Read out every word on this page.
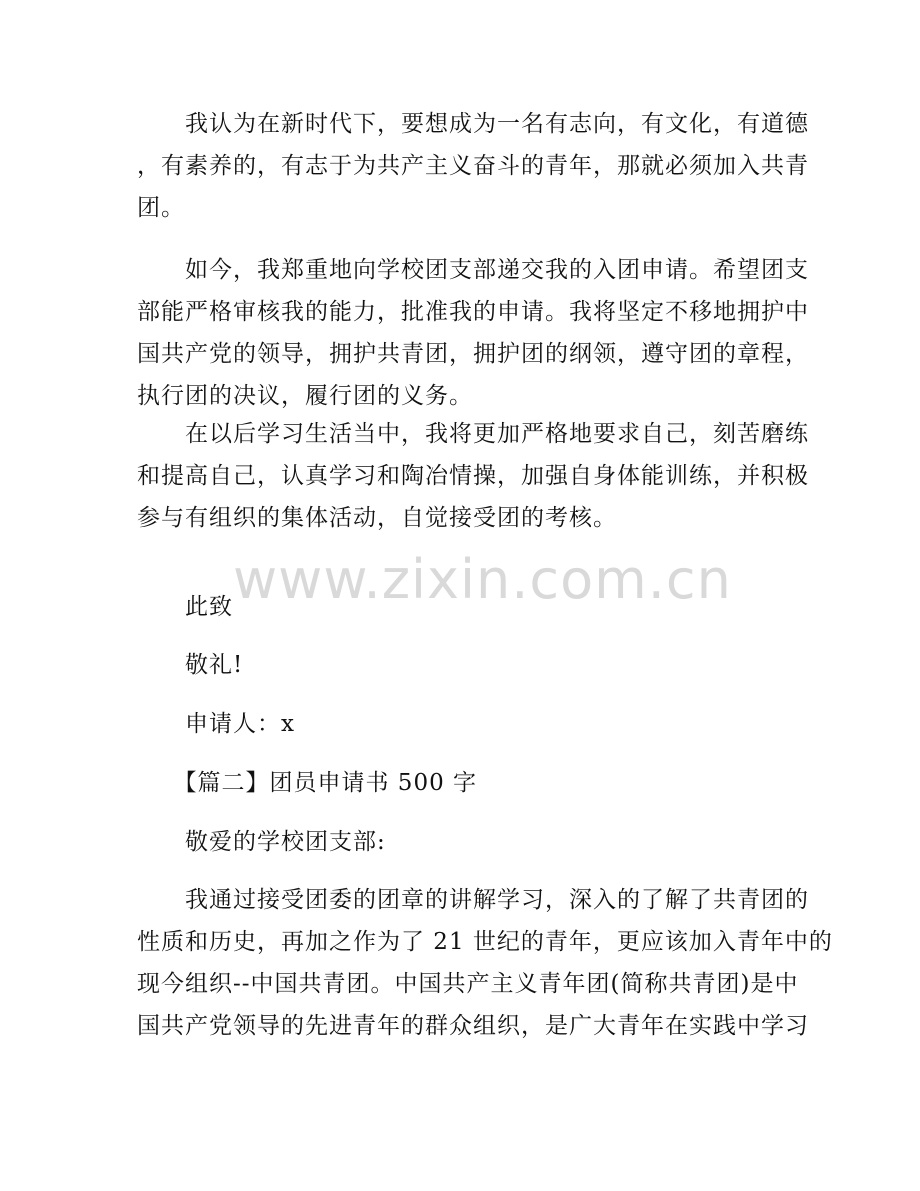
　　我认为在新时代下，要想成为一名有志向，有文化，有道德
，有素养的，有志于为共产主义奋斗的青年，那就必须加入共青
团。
　　如今，我郑重地向学校团支部递交我的入团申请。希望团支
部能严格审核我的能力，批准我的申请。我将坚定不移地拥护中
国共产党的领导，拥护共青团，拥护团的纲领，遵守团的章程，
执行团的决议，履行团的义务。
　　在以后学习生活当中，我将更加严格地要求自己，刻苦磨练
和提高自己，认真学习和陶冶情操，加强自身体能训练，并积极
参与有组织的集体活动，自觉接受团的考核。
　　此致
　　敬礼!
　　申请人：x
　　【篇二】团员申请书 500 字
　　敬爱的学校团支部:
　　我通过接受团委的团章的讲解学习，深入的了解了共青团的
性质和历史，再加之作为了 21 世纪的青年，更应该加入青年中的
现今组织--中国共青团。中国共产主义青年团(简称共青团)是中
国共产党领导的先进青年的群众组织，是广大青年在实践中学习
www.zixin.com.cn
